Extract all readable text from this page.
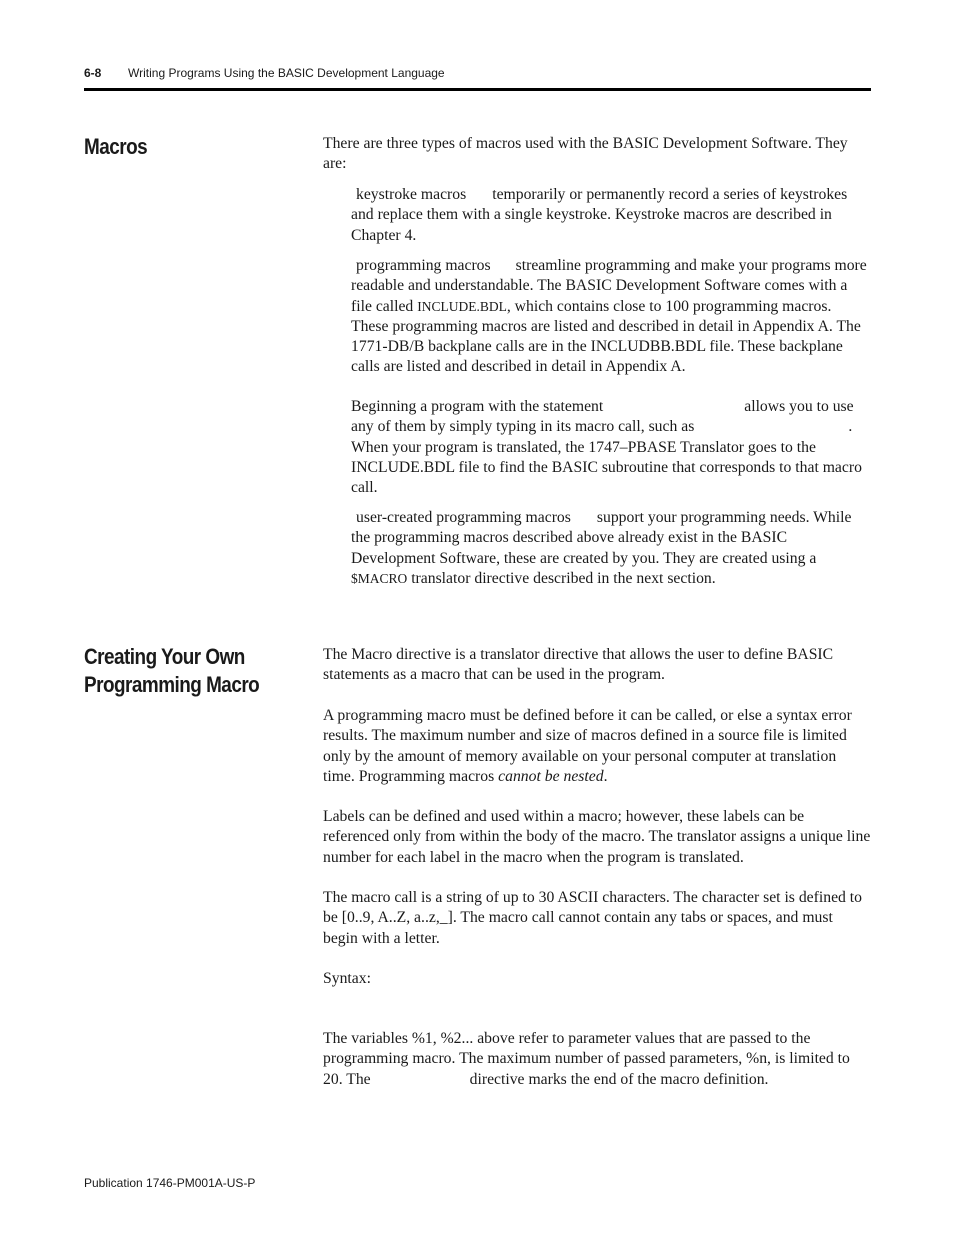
6-8 Writing Programs Using the BASIC Development Language
Macros	There are three types of macros used with the BASIC Development Software. They are:

keystroke macros temporarily or permanently record a series of keystrokes and replace them with a single keystroke. Keystroke macros are described in Chapter 4.

programming macros streamline programming and make your programs more readable and understandable. The BASIC Development Software comes with a file called INCLUDE.BDL, which contains close to 100 programming macros. These programming macros are listed and described in detail in Appendix A. The 1771-DB/B backplane calls are in the INCLUDBB.BDL file. These backplane calls are listed and described in detail in Appendix A.

Beginning a program with the statement	allows you to use any of them by simply typing in its macro call, such as	. When your program is translated, the 1747–PBASE Translator goes to the INCLUDE.BDL file to find the BASIC subroutine that corresponds to that macro call.

user-created programming macros support your programming needs. While the programming macros described above already exist in the BASIC Development Software, these are created by you. They are created using a $MACRO translator directive described in the next section.

Creating Your Own
Programming Macro

The Macro directive is a translator directive that allows the user to define BASIC statements as a macro that can be used in the program.

A programming macro must be defined before it can be called, or else a syntax error results. The maximum number and size of macros defined in a source file is limited only by the amount of memory available on your personal computer at translation time. Programming macros cannot be nested.

Labels can be defined and used within a macro; however, these labels can be referenced only from within the body of the macro. The translator assigns a unique line number for each label in the macro when the program is translated.

The macro call is a string of up to 30 ASCII characters. The character set is defined to be [0..9, A..Z, a..z,_]. The macro call cannot contain any tabs or spaces, and must begin with a letter.

Syntax:

The variables %1, %2... above refer to parameter values that are passed to the programming macro. The maximum number of passed parameters, %n, is limited to 20. The	directive marks the end of the macro definition.

Publication 1746-PM001A-US-P
